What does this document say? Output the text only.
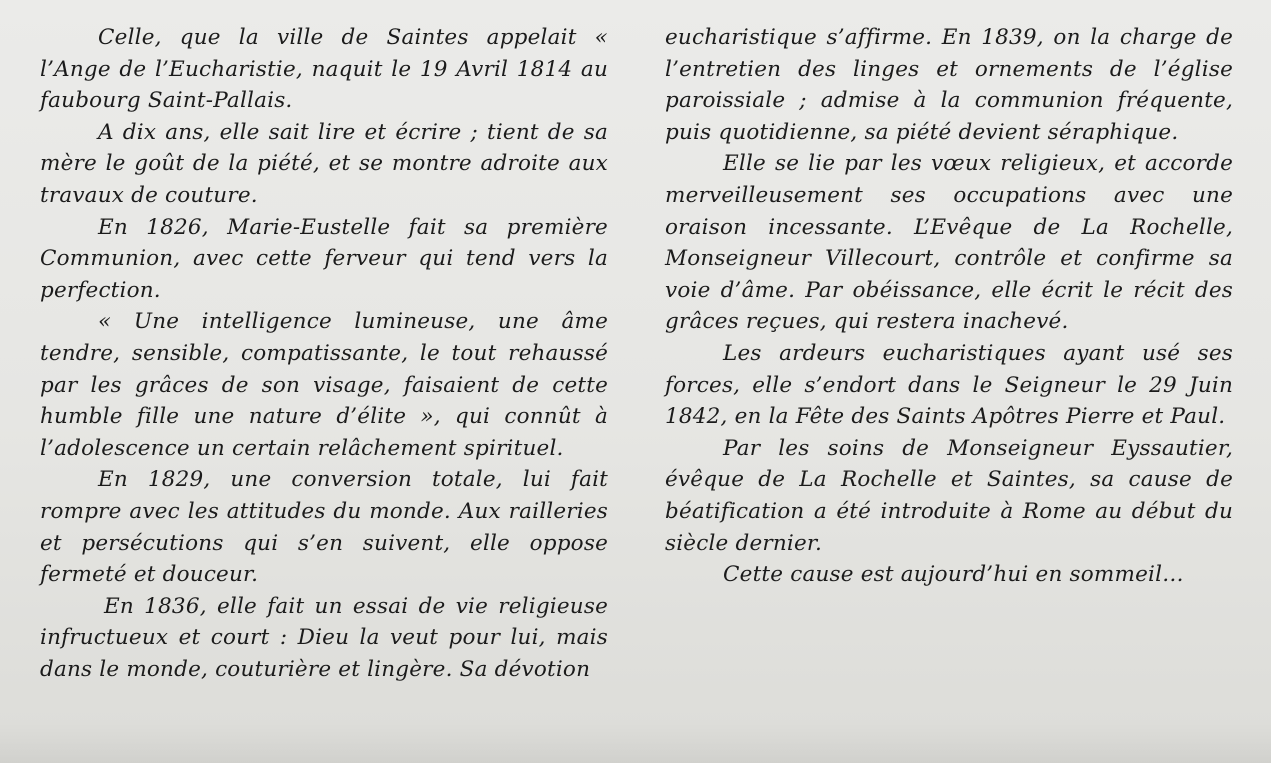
Celle, que la ville de Saintes appelait « l’Ange de l’Eucharistie, naquit le 19 Avril 1814 au faubourg Saint-Pallais.

A dix ans, elle sait lire et écrire ; tient de sa mère le goût de la piété, et se montre adroite aux travaux de couture.

En 1826, Marie-Eustelle fait sa première Communion, avec cette ferveur qui tend vers la perfection.

« Une intelligence lumineuse, une âme tendre, sensible, compatissante, le tout rehaussé par les grâces de son visage, faisaient de cette humble fille une nature d’élite », qui connût à l’adolescence un certain relâchement spirituel.

En 1829, une conversion totale, lui fait rompre avec les attitudes du monde. Aux railleries et persécutions qui s’en suivent, elle oppose fermeté et douceur.

En 1836, elle fait un essai de vie religieuse infructueux et court : Dieu la veut pour lui, mais dans le monde, couturière et lingère. Sa dévotion

eucharistique s’affirme. En 1839, on la charge de l’entretien des linges et ornements de l’église paroissiale ; admise à la communion fréquente, puis quotidienne, sa piété devient séraphique.

Elle se lie par les vœux religieux, et accorde merveilleusement ses occupations avec une oraison incessante. L’Evêque de La Rochelle, Monseigneur Villecourt, contrôle et confirme sa voie d’âme. Par obéissance, elle écrit le récit des grâces reçues, qui restera inachevé.

Les ardeurs eucharistiques ayant usé ses forces, elle s’endort dans le Seigneur le 29 Juin 1842, en la Fête des Saints Apôtres Pierre et Paul.

Par les soins de Monseigneur Eyssautier, évêque de La Rochelle et Saintes, sa cause de béatification a été introduite à Rome au début du siècle dernier.

Cette cause est aujourd’hui en sommeil…
